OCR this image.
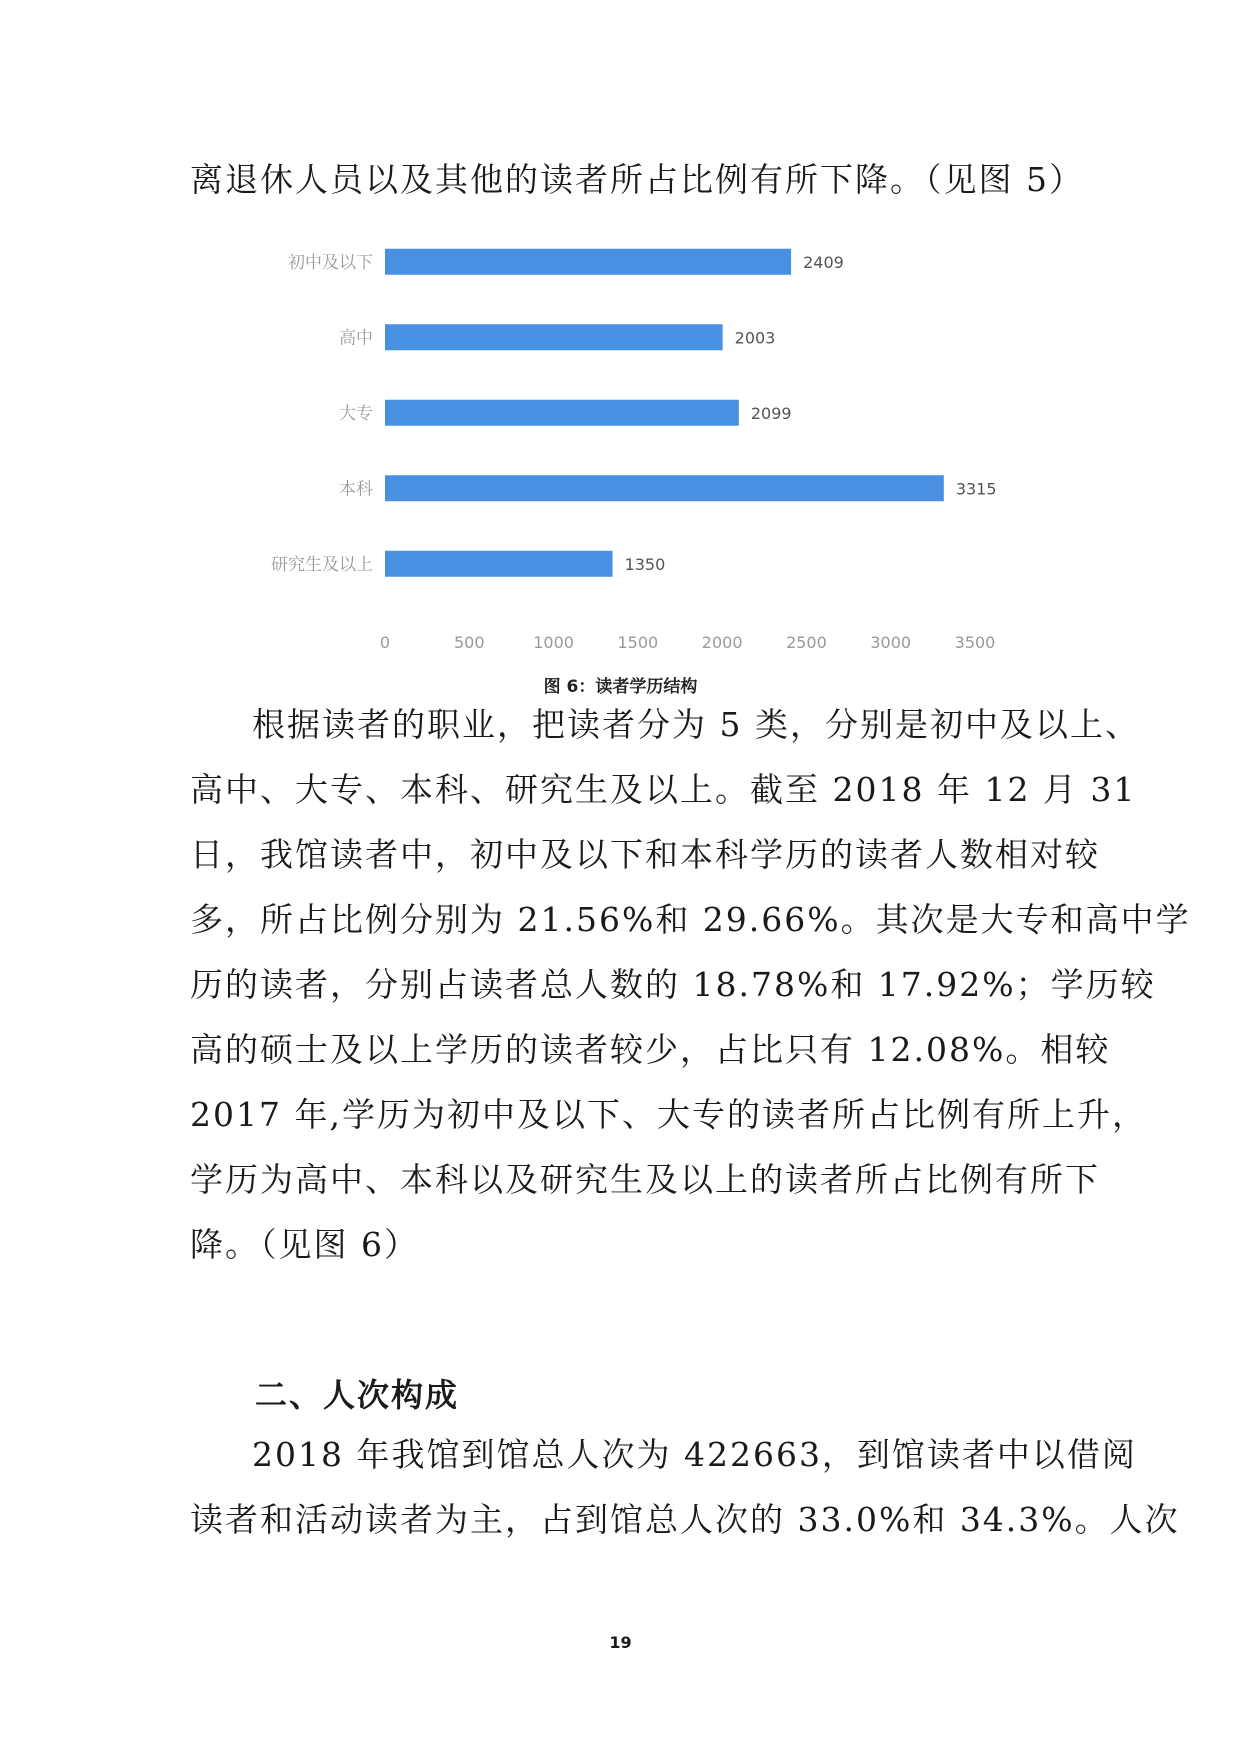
离退休人员以及其他的读者所占比例有所下降。（见图 5）
初中及以下	2409
高中	2003
大专	2099
本科	3315
研究生及以上	1350
0	500	1000	1500	2000	2500	3000	3500
图 6：读者学历结构
根据读者的职业，把读者分为 5 类，分别是初中及以上、
高中、大专、本科、研究生及以上。截至 2018 年 12 月 31
日，我馆读者中，初中及以下和本科学历的读者人数相对较
多，所占比例分别为 21.56%和 29.66%。其次是大专和高中学
历的读者，分别占读者总人数的 18.78%和 17.92%；学历较
高的硕士及以上学历的读者较少，占比只有 12.08%。相较
2017 年,学历为初中及以下、大专的读者所占比例有所上升，
学历为高中、本科以及研究生及以上的读者所占比例有所下
降。（见图 6）
二、人次构成
2018 年我馆到馆总人次为 422663，到馆读者中以借阅
读者和活动读者为主，占到馆总人次的 33.0%和 34.3%。人次
19
